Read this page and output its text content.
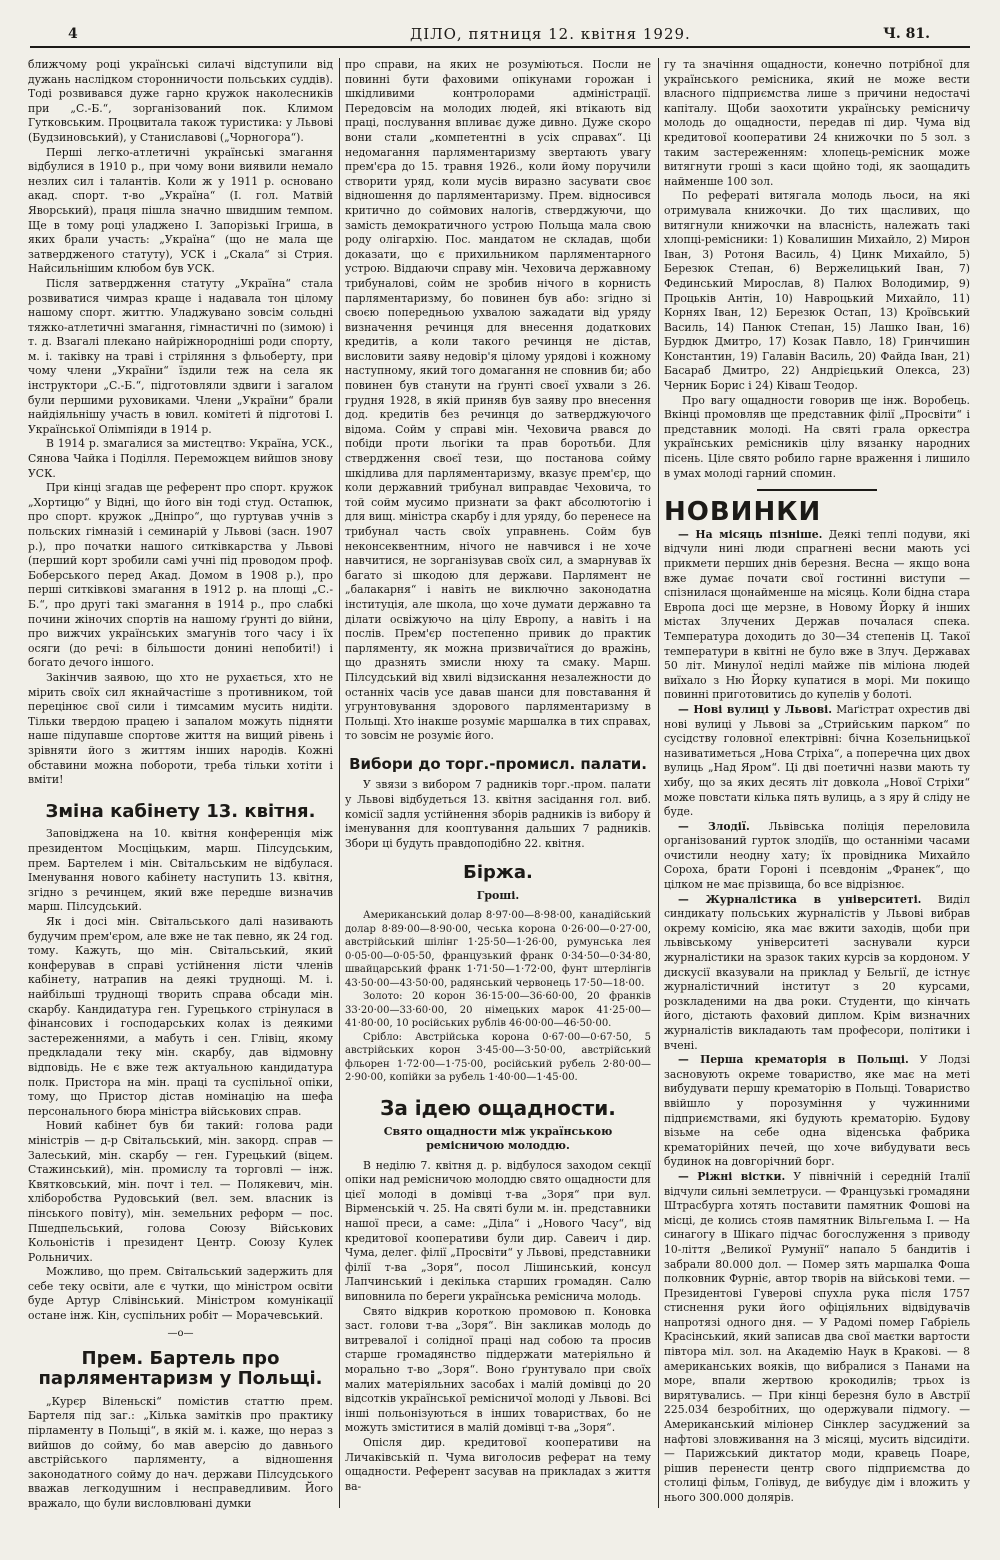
4	ДІЛО, пятниця 12. квітня 1929.	Ч. 81.

ближчому році українські силачі відступили від дужань наслідком сторонничости польських суддів). Тоді розвивався дуже гарно кружок наколесників при „С.-Б.“, зорганізований пок. Климом Гутковським. Процвитала також туристика: у Львові (Будзиновський), у Станиславові („Чорногора“).

Перші легко-атлетичні українські змагання відбулися в 1910 р., при чому вони виявили немало незлих сил і талантів. Коли ж у 1911 р. основано акад. спорт. т-во „Україна“ (І. гол. Матвій Яворський), праця пішла значно швидшим темпом. Ще в тому році уладжено І. Запорізькі Ігриша, в яких брали участь: „Україна“ (що не мала ще затвердженого статуту), УСК і „Скала“ зі Стрия. Найсильнішим клюбом був УСК.

Після затвердження статуту „Україна“ стала розвиватися чимраз краще і надавала тон цілому нашому спорт. життю. Уладжувано зовсім сольдні тяжко-атлетичні змагання, гімнастичні по (зимою) і т. д. Взагалі плекано найріжнородніші роди спорту, м. і. таківку на траві і стріляння з фльоберту, при чому члени „України“ їздили теж на села як інструктори „С.-Б.“, підготовляли здвиги і загалом були першими руховиками. Члени „України“ брали найдіяльнішу участь в ювил. комітеті й підготові І. Української Олімпіяди в 1914 р.

В 1914 р. змагалися за мистецтво: Україна, УСК., Сянова Чайка і Поділля. Переможцем вийшов знову УСК.

При кінці згадав ще референт про спорт. кружок „Хортицю“ у Відні, що його він тоді студ. Остапюк, про спорт. кружок „Дніпро“, що гуртував учнів з польских гімназій і семинарій у Львові (засн. 1907 р.), про початки нашого ситківкарства у Львові (перший корт зробили самі учні під проводом проф. Боберського перед Акад. Домом в 1908 р.), про перші ситківкові змагання в 1912 р. на площі „С.-Б.“, про другі такі змагання в 1914 р., про слабкі почини жіночих спортів на нашому ґрунті до війни, про вижчих українських змагунів того часу і їх осяги (до речі: в більшости донині непобиті!) і богато дечого іншого.

Закінчив заявою, що хто не рухається, хто не мірить своїх сил якнайчастіше з противником, той перецінює свої сили і тимсамим мусить нидіти. Тільки твердою працею і запалом можуть підняти наше підупавше спортове життя на вищий рівень і зрівняти його з життям інших народів. Кожні обставини можна побороти, треба тільки хотіти і вміти!

Зміна кабінету 13. квітня.

Заповіджена на 10. квітня конференція між президентом Мосціцьким, марш. Пілсудським, прем. Бартелем і мін. Світальським не відбулася. Іменування нового кабінету наступить 13. квітня, згідно з речинцем, який вже передше визначив марш. Пілсудський.

Як і досі мін. Світальського далі називають будучим прем'єром, але вже не так певно, як 24 год. тому. Кажуть, що мін. Світальський, який конферував в справі устійнення лісти членів кабінету, натрапив на деякі труднощі. М. і. найбільші труднощі творить справа обсади мін. скарбу. Кандидатура ген. Гурецького стрінулася в фінансових і господарських колах із деякими застереженнями, а мабуть і сен. Глівіц, якому предкладали теку мін. скарбу, дав відмовну відповідь. Не є вже теж актуальною кандидатура полк. Пристора на мін. праці та суспільної опіки, тому, що Пристор дістав номінацію на шефа персонального бюра міністра військових справ.

Новий кабінет був би такий: голова ради міністрів — д-р Світальський, мін. закорд. справ — Залеський, мін. скарбу — ген. Гурецький (віцем. Стажинський), мін. промислу та торговлі — інж. Квятковський, мін. почт і тел. — Полякевич, мін. хліборобства Рудовський (вел. зем. власник із пінського повіту), мін. земельних реформ — пос. Пшедпельський, голова Союзу Військових Кольоністів і президент Центр. Союзу Кулек Рольничих.

Можливо, що прем. Світальський задержить для себе теку освіти, але є чутки, що міністром освіти буде Артур Слівінський. Міністром комунікації остане інж. Кін, суспільних робіт — Морачевський.

—о—
Прем. Бартель про парляментаризм у Польщі.

„Курєр Віленьскі“ помістив статтю прем. Бартеля під заг.: „Кілька замітків про практику пірламенту в Польщі“, в якій м. і. каже, що нераз з вийшов до сойму, бо мав аверсію до давнього австрійського парляменту, а відношення законодатного сойму до нач. держави Пілсудського вважав легкодушним і несправедливим. Його вражало, що були висловлювані думки

про справи, на яких не розуміються. Посли не повинні бути фаховими опікунами горожан і шкідливими контролорами адміністрації. Передовсім на молодих людей, які втікають від праці, послування впливає дуже дивно. Дуже скоро вони стали „компетентні в усіх справах“. Ці недомагання парляментаризму звертають увагу прем'єра до 15. травня 1926., коли йому поручили створити уряд, коли мусів виразно засувати своє відношення до парляментаризму. Прем. відносився критично до соймових налогів, стверджуючи, що замість демократичного устрою Польща мала свою роду олігархію. Пос. мандатом не складав, щоби доказати, що є прихильником парляментарного устрою. Віддаючи справу мін. Чеховича державному трибуналові, сойм не зробив нічого в корнисть парляментаризму, бо повинен був або: згідно зі своєю попередньою ухвалою зажадати від уряду визначення речинця для внесення додаткових кредитів, а коли такого речинця не дістав, висловити заяву недовір'я цілому урядові і кожному наступному, який того домагання не сповнив би; або повинен був станути на ґрунті своєї ухвали з 26. грудня 1928, в якій приняв був заяву про внесення дод. кредитів без речинця до затверджуючого відома. Сойм у справі мін. Чеховича рвався до побіди проти льогіки та прав боротьби. Для ствердження своєї тези, що постанова сойму шкідлива для парляментаризму, вказує прем'єр, що коли державний трибунал виправдає Чеховича, то той сойм мусимо признати за факт абсолютогію і для вищ. міністра скарбу і для уряду, бо перенесе на трибунал часть своїх управнень. Сойм був неконсеквентним, нічого не навчився і не хоче навчитися, не зорганізував своїх сил, а змарнував їх багато зі шкодою для держави. Парлямент не „балакарня“ і навіть не виключно законодатна інституція, але школа, що хоче думати державно та ділати освіжуючо на цілу Европу, а навіть і на послів. Прем'єр постепенно привик до практик парляменту, як можна призвичаїтися до вражінь, що дразнять змисли нюху та смаку. Марш. Пілсудський від хвилі відзискання незалежности до останніх часів усе давав шанси для повставання й угрунтовування здорового парляментаризму в Польщі. Хто інакше розуміє маршалка в тих справах, то зовсім не розуміє його.

Вибори до торг.-промисл. палати.

У звязи з вибором 7 радників торг.-пром. палати у Львові відбудеться 13. квітня засідання гол. виб. комісії задля устійнення зборів радників із вибору й іменування для кооптування дальших 7 радників. Збори ці будуть правдоподібно 22. квітня.

Біржа.
Гроші.

Американський долар 8·97·00—8·98·00, канадійський долар 8·89·00—8·90·00, чеська корона 0·26·00—0·27·00, австрійський шілінг 1·25·50—1·26·00, румунська лея 0·05·00—0·05·50, французький франк 0·34·50—0·34·80, швайцарський франк 1·71·50—1·72·00, фунт штерлінгів 43·50·00—43·50·00, радянський червонець 17·50—18·00.

Золото: 20 корон 36·15·00—36·60·00, 20 франків 33·20·00—33·60·00, 20 німецьких марок 41·25·00—41·80·00, 10 російських рублів 46·00·00—46·50·00.

Срібло: Австрійська корона 0·67·00—0·67·50, 5 австрійських корон 3·45·00—3·50·00, австрійський фльорен 1·72·00—1·75·00, російський рубель 2·80·00—2·90·00, копійки за рубель 1·40·00—1·45·00.

За ідею ощадности.
Свято ощадности між українською ремісничою молоддю.

В неділю 7. квітня д. р. відбулося заходом секції опіки над ремісничою молоддю свято ощадности для цієї молоді в домівці т-ва „Зоря“ при вул. Вірменській ч. 25. На святі були м. ін. представники нашої преси, а саме: „Діла“ і „Нового Часу“, від кредитової кооперативи були дир. Савеич і дир. Чума, делег. філії „Просвіти“ у Львові, представники філії т-ва „Зоря“, посол Лішинський, консул Лапчинський і декілька старших громадян. Салю виповнила по береги українська ремісничa молодь.

Свято відкрив короткою промовою п. Коновка заст. голови т-ва „Зоря“. Він закликав молодь до витревалої і солідної праці над собою та просив старше громадянство піддержати матеріяльно й морально т-во „Зоря“. Воно ґрунтувало при своїх малих матеріяльних засобах і малій домівці до 20 відсотків українськoї ремісничої молоді у Львові. Всі інші польонізуються в інших товариствах, бо не можуть зміститися в малій домівці т-ва „Зоря“.

Опісля дир. кредитової кооперативи на Личаківській п. Чума виголосив реферат на тему ощадности. Референт засував на прикладах з життя ва-

гу та значіння ощадности, конечно потрібної для українського ремісника, який не може вести власного підприємства лише з причини недостачі капіталу. Щоби заохотити українську ремісничу молодь до ощадности, передав пі дир. Чума від кредитової кооперативи 24 книжочки по 5 зол. з таким застереженням: хлопець-ремісник може витягнути гроші з каси щойно тоді, як заощадить найменше 100 зол.

По рефераті витягала молодь льоси, на які отримувала книжочки. До тих щасливих, що витягнули книжочки на власність, належать такі хлопці-ремісники: 1) Ковалишин Михайло, 2) Мирон Іван, 3) Ротоня Василь, 4) Цинк Михайло, 5) Березюк Степан, 6) Вержелицький Іван, 7) Фединський Мирослав, 8) Палюх Володимир, 9) Процьків Антін, 10) Навроцький Михайло, 11) Корнях Іван, 12) Березюк Остап, 13) Кроївський Василь, 14) Панюк Степан, 15) Лашко Іван, 16) Бурдюк Дмитро, 17) Козак Павло, 18) Гринчишин Константин, 19) Галавін Василь, 20) Файда Іван, 21) Басараб Дмитро, 22) Андрієцький Олекса, 23) Черник Борис і 24) Ківаш Теодор.

Про вагу ощадности говорив ще інж. Воробець. Вкінці промовляв ще представник філії „Просвіти“ і представник молоді. На святі грала оркестра українських ремісників цілу вязанку народних пісень. Ціле свято робило гарне враження і лишило в умах молоді гарний спомин.

НОВИНКИ

— На місяць пізніше. Деякі теплі подуви, які відчули нині люди спрагнені весни мають усі прикмети перших днів березня. Весна — якщо вона вже думає почати свої гостинні виступи — спізнилася щонайменше на місяць. Коли бідна стара Европа досі ще мерзне, в Новому Йорку й інших містах Злучених Держав почалася спека. Температура доходить до 30—34 степенів Ц. Такої температури в квітні не було вже в Злуч. Державах 50 літ. Минулої неділі майже пів міліона людей виїхало з Ню Йорку купатися в морі. Ми покищо повинні приготовитись до купелів у болоті.

— Нові вулиці у Львові. Маґістрат охрестив дві нові вулиці у Львові за „Стрийським парком“ по сусідству головної електрівні: бічна Козельницької називатиметься „Нова Стріха“, а поперечна цих двох вулиць „Над Яром“. Ці дві поетичні назви мають ту хибу, що за яких десять літ довкола „Нової Стріхи“ може повстати кілька пять вулиць, а з яру й сліду не буде.

— Злодії. Львівська поліція переловила організований гурток злодіїв, що останніми часами очистили неодну хату; їх провідника Михайло Сороха, брати Гороні і псевдонім „Франек“, що цілком не має прізвища, бо все відрізнює.

— Журналістика в університеті. Виділ синдикату польських журналістів у Львові вибрав окрему комісію, яка має вжити заходів, щоби при львівському університеті заснували курси журналістики на зразок таких курсів за кордоном. У дискусії вказували на приклад у Бельгії, де істнує журналістичний інститут з 20 курсами, розкладеними на два роки. Студенти, що кінчать його, дістають фаховий диплом. Крім визначних журналістів викладають там професори, політики і вчені.

— Перша крематорія в Польщі. У Лодзі засновують окреме товариство, яке має на меті вибудувати першу крематорію в Польщі. Товариство ввійшло у порозуміння у чужинними підприємствами, які будують крематорію. Будову візьме на себе одна віденська фабрика крематорійних печей, що хоче вибудувати весь будинок на довгорічний борг.

— Ріжні вістки. У північній і середній Італії відчули сильні землетруси. — Французькі громадяни Штрасбурга хотять поставити памятник Фошові на місці, де колись стояв памятник Вільгельма І. — На синагогу в Шікаго підчас богослуження з приводу 10-ліття „Великої Румунії“ напало 5 бандитів і забрали 80.000 дол. — Помер зять маршалка Фоша полковник Фурніє, автор творів на військові теми. — Президентові Гуверові спухла рука після 1757 стиснення руки його офіціяльних відвідувачів напротязі одного дня. — У Радомі помер Габріель Красінський, який записав два свої маєтки вартости півтора міл. зол. на Академію Наук в Кракові. — 8 американських вояків, що вибралися з Панами на море, впали жертвою крокодилів; трьох із вирятувались. — При кінці березня було в Австрії 225.034 безробітних, що одержували підмогу. — Американський міліонер Сінклер засуджений за нафтові зловживання на 3 місяці, мусить відсидіти. — Парижський диктатор моди, кравець Поаре, рішив перенести центр свого підприємства до столиці фільм, Голівуд, де вибудує дім і вложить у нього 300.000 долярів.
